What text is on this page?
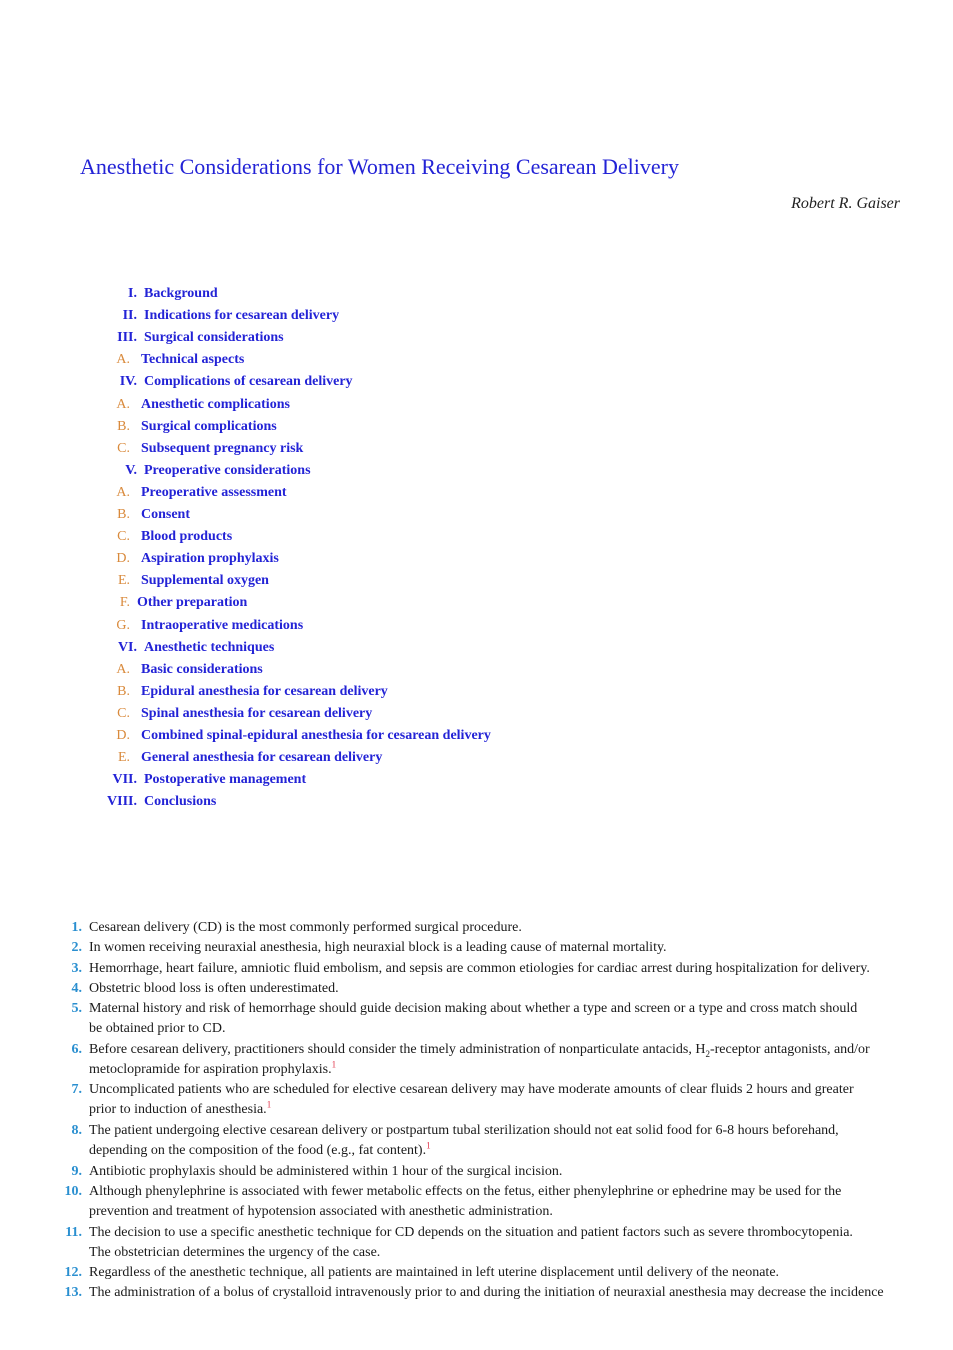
Anesthetic Considerations for Women Receiving Cesarean Delivery
Robert R. Gaiser
I. Background
II. Indications for cesarean delivery
III. Surgical considerations
A. Technical aspects
IV. Complications of cesarean delivery
A. Anesthetic complications
B. Surgical complications
C. Subsequent pregnancy risk
V. Preoperative considerations
A. Preoperative assessment
B. Consent
C. Blood products
D. Aspiration prophylaxis
E. Supplemental oxygen
F. Other preparation
G. Intraoperative medications
VI. Anesthetic techniques
A. Basic considerations
B. Epidural anesthesia for cesarean delivery
C. Spinal anesthesia for cesarean delivery
D. Combined spinal-epidural anesthesia for cesarean delivery
E. General anesthesia for cesarean delivery
VII. Postoperative management
VIII. Conclusions
1. Cesarean delivery (CD) is the most commonly performed surgical procedure.
2. In women receiving neuraxial anesthesia, high neuraxial block is a leading cause of maternal mortality.
3. Hemorrhage, heart failure, amniotic fluid embolism, and sepsis are common etiologies for cardiac arrest during hospitalization for delivery.
4. Obstetric blood loss is often underestimated.
5. Maternal history and risk of hemorrhage should guide decision making about whether a type and screen or a type and cross match should
be obtained prior to CD.
6. Before cesarean delivery, practitioners should consider the timely administration of nonparticulate antacids, $H_2$-receptor antagonists, and/or
metoclopramide for aspiration prophylaxis.$^1$
7. Uncomplicated patients who are scheduled for elective cesarean delivery may have moderate amounts of clear fluids 2 hours and greater
prior to induction of anesthesia.$^1$
8. The patient undergoing elective cesarean delivery or postpartum tubal sterilization should not eat solid food for 6-8 hours beforehand,
depending on the composition of the food (e.g., fat content).$^1$
9. Antibiotic prophylaxis should be administered within 1 hour of the surgical incision.
10. Although phenylephrine is associated with fewer metabolic effects on the fetus, either phenylephrine or ephedrine may be used for the
prevention and treatment of hypotension associated with anesthetic administration.
11. The decision to use a specific anesthetic technique for CD depends on the situation and patient factors such as severe thrombocytopenia.
The obstetrician determines the urgency of the case.
12. Regardless of the anesthetic technique, all patients are maintained in left uterine displacement until delivery of the neonate.
13. The administration of a bolus of crystalloid intravenously prior to and during the initiation of neuraxial anesthesia may decrease the incidence
